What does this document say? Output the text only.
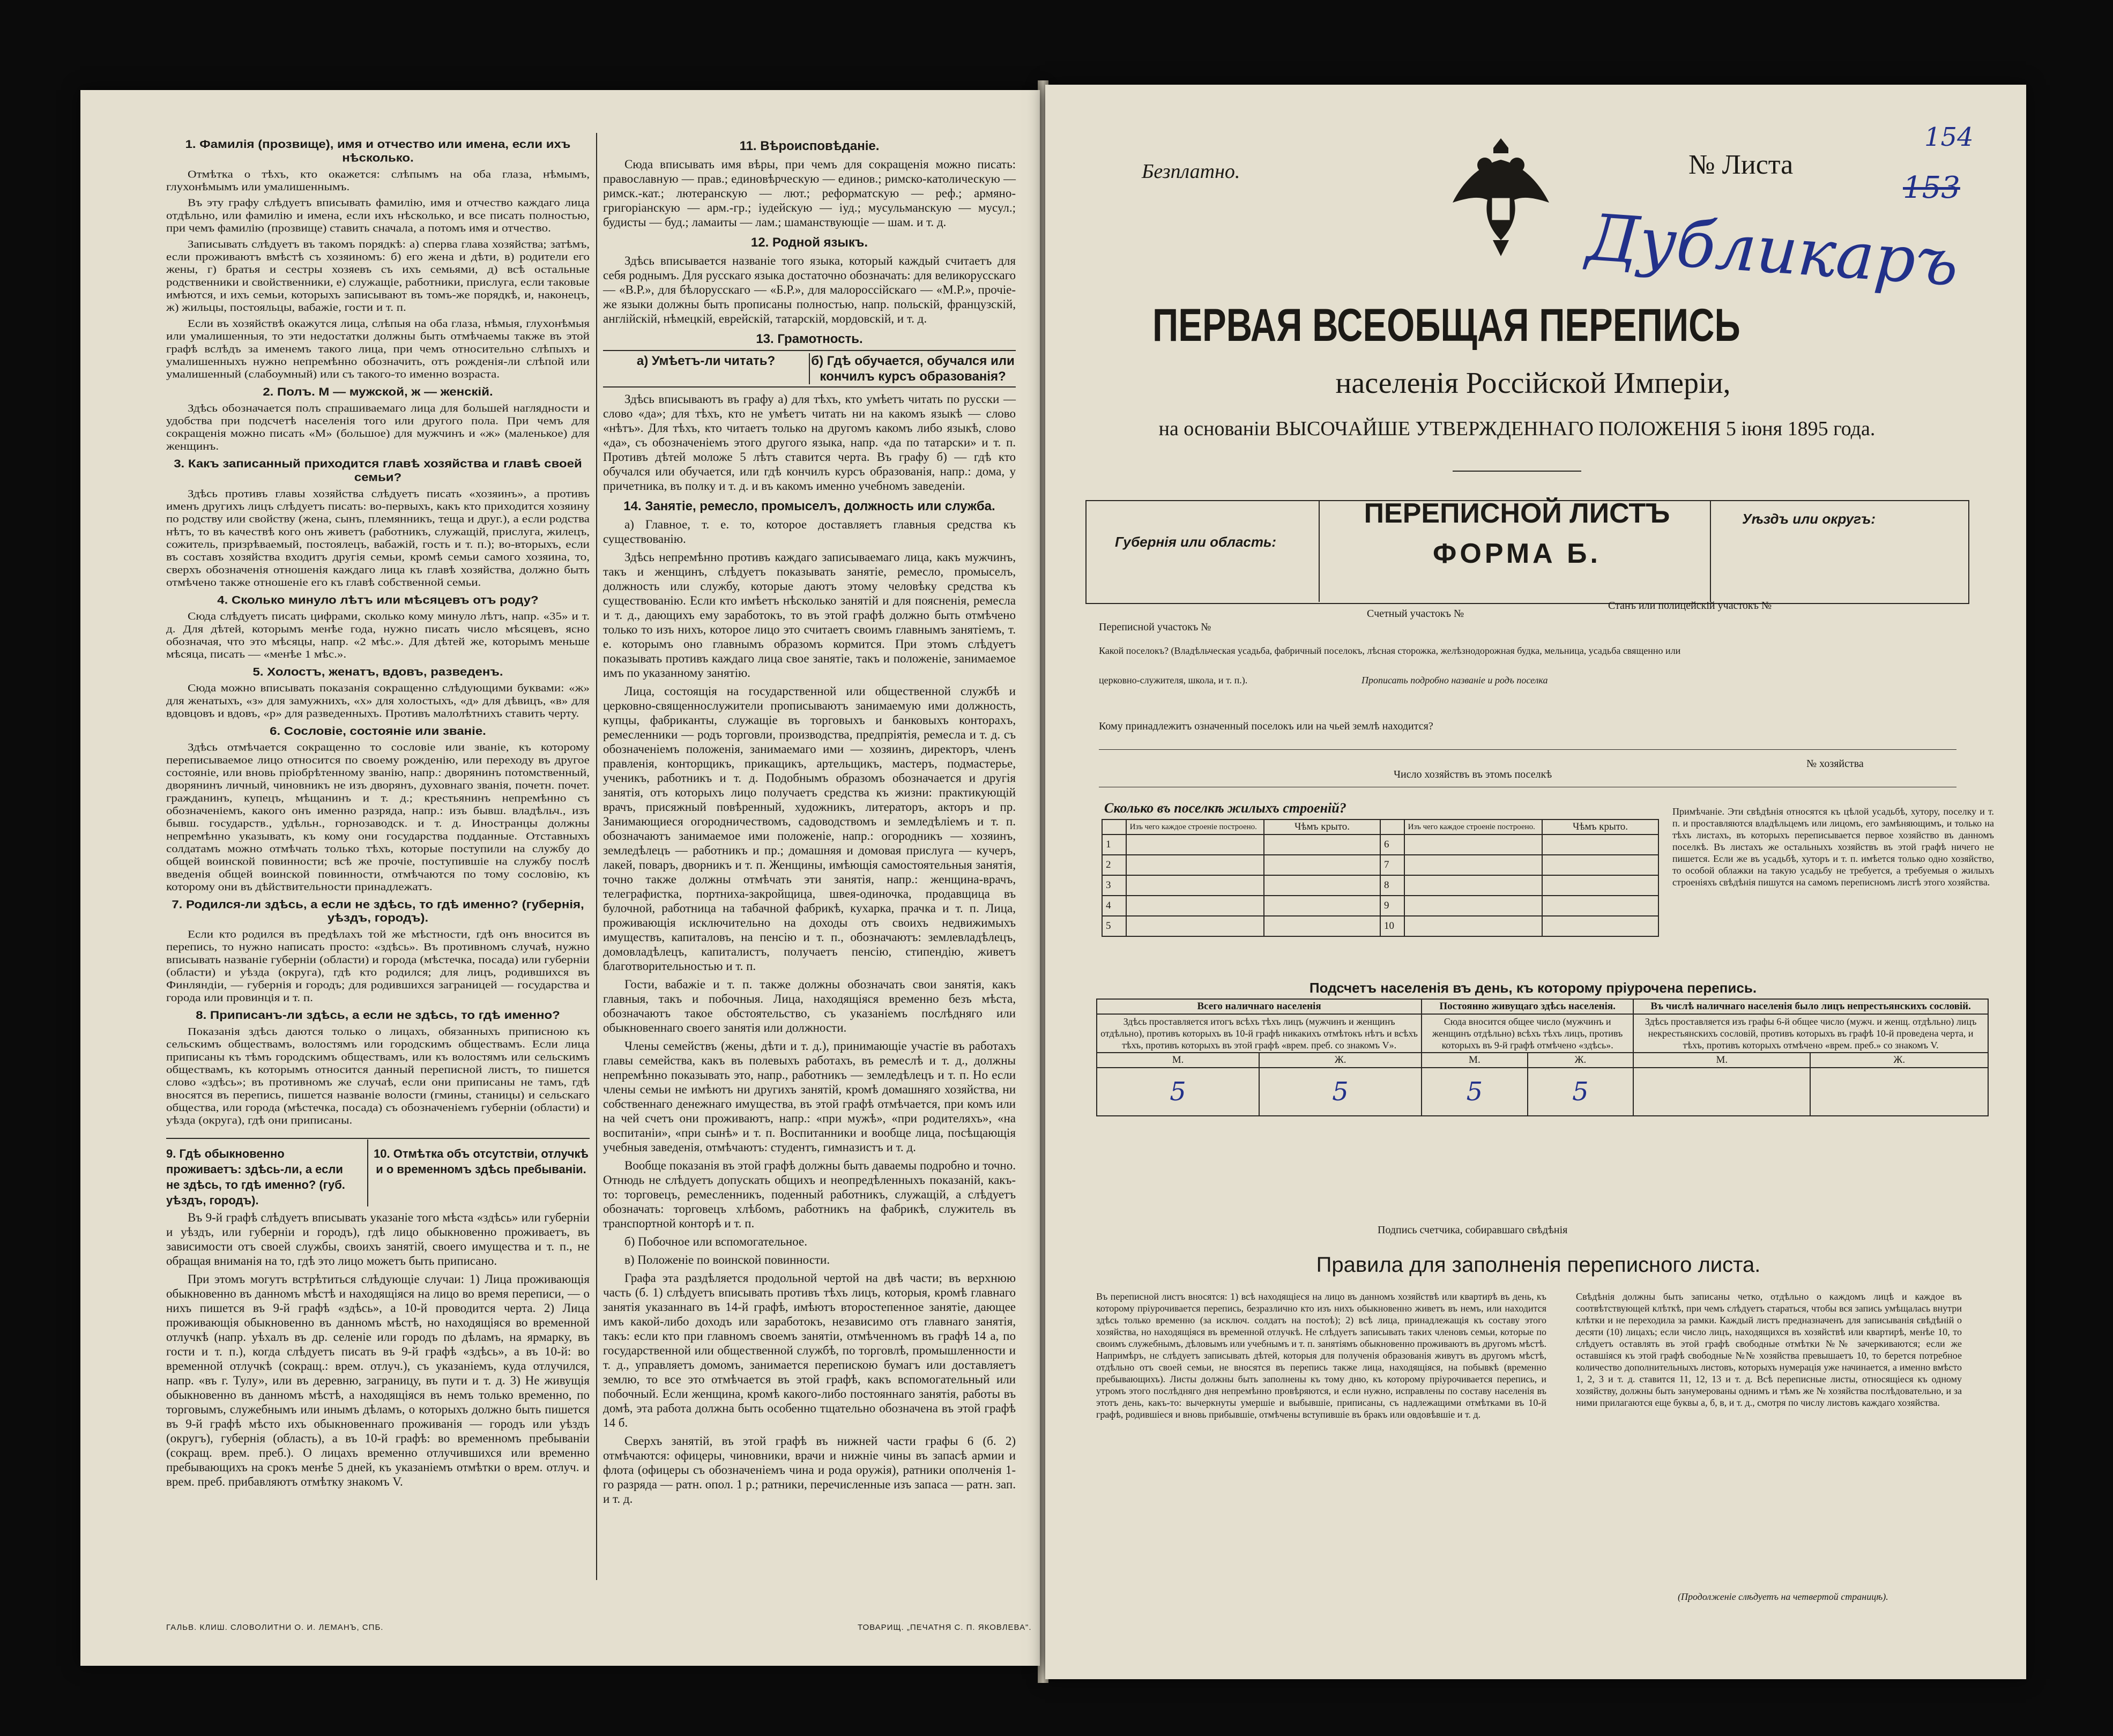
1. Фамилія (прозвище), имя и отчество или имена, если ихъ нѣсколько.

Отмѣтка о тѣхъ, кто окажется: слѣпымъ на оба глаза, нѣмымъ, глухонѣмымъ или умалишеннымъ.

Въ эту графу слѣдуетъ вписывать фамилію, имя и отчество каждаго лица отдѣльно, или фамилію и имена, если ихъ нѣсколько, и все писать полностью, при чемъ фамилію (прозвище) ставить сначала, а потомъ имя и отчество.

Записывать слѣдуетъ въ такомъ порядкѣ: а) сперва глава хозяйства; затѣмъ, если проживаютъ вмѣстѣ съ хозяиномъ: б) его жена и дѣти, в) родители его жены, г) братья и сестры хозяевъ съ ихъ семьями, д) всѣ остальные родственники и свойственники, е) служащіе, работники, прислуга, если таковые имѣются, и ихъ семьи, которыхъ записывают въ томъ-же порядкѣ, и, наконецъ, ж) жильцы, постояльцы, вабажіе, гости и т. п.

Если въ хозяйствѣ окажутся лица, слѣпыя на оба глаза, нѣмыя, глухонѣмыя или умалишенныя, то эти недостатки должны быть отмѣчаемы также въ этой графѣ вслѣдъ за именемъ такого лица, при чемъ относительно слѣпыхъ и умалишенныхъ нужно непремѣнно обозначить, отъ рожденія-ли слѣпой или умалишенный (слабоумный) или съ такого-то именно возраста.

2. Полъ. М — мужской, ж — женскій.

Здѣсь обозначается полъ спрашиваемаго лица для большей наглядности и удобства при подсчетѣ населенія того или другого пола. При чемъ для сокращенія можно писать «М» (большое) для мужчинъ и «ж» (маленькое) для женщинъ.

3. Какъ записанный приходится главѣ хозяйства и главѣ своей семьи?

Здѣсь противъ главы хозяйства слѣдуетъ писать «хозяинъ», а противъ именъ другихъ лицъ слѣдуетъ писать: во-первыхъ, какъ кто приходится хозяину по родству или свойству (жена, сынъ, племянникъ, теща и друг.), а если родства нѣтъ, то въ качествѣ кого онъ живетъ (работникъ, служащій, прислуга, жилецъ, сожитель, призрѣваемый, постоялецъ, вабажій, гость и т. п.); во-вторыхъ, если въ составъ хозяйства входитъ другія семьи, кромѣ семьи самого хозяина, то, сверхъ обозначенія отношенія каждаго лица къ главѣ хозяйства, должно быть отмѣчено также отношеніе его къ главѣ собственной семьи.

4. Сколько минуло лѣтъ или мѣсяцевъ отъ роду?

Сюда слѣдуетъ писать цифрами, сколько кому минуло лѣтъ, напр. «35» и т. д. Для дѣтей, которымъ менѣе года, нужно писать число мѣсяцевъ, ясно обозначая, что это мѣсяцы, напр. «2 мѣс.». Для дѣтей же, которымъ меньше мѣсяца, писать — «менѣе 1 мѣс.».

5. Холостъ, женатъ, вдовъ, разведенъ.

Сюда можно вписывать показанія сокращенно слѣдующими буквами: «ж» для женатыхъ, «з» для замужнихъ, «х» для холостыхъ, «д» для дѣвицъ, «в» для вдовцовъ и вдовъ, «р» для разведенныхъ. Противъ малолѣтнихъ ставить черту.

6. Сословіе, состояніе или званіе.

Здѣсь отмѣчается сокращенно то сословіе или званіе, къ которому переписываемое лицо относится по своему рожденію, или переходу въ другое состояніе, или вновь пріобрѣтенному званію, напр.: дворянинъ потомственный, дворянинъ личный, чиновникъ не изъ дворянъ, духовнаго званія, почетн. почет. гражданинъ, купецъ, мѣщанинъ и т. д.; крестьянинъ непремѣнно съ обозначеніемъ, какого онъ именно разряда, напр.: изъ бывш. владѣльч., изъ бывш. государств., удѣльн., горнозаводск. и т. д. Иностранцы должны непремѣнно указывать, къ кому они государства подданные. Отставныхъ солдатамъ можно отмѣчать только тѣхъ, которые поступили на службу до общей воинской повинности; всѣ же прочіе, поступившіе на службу послѣ введенія общей воинской повинности, отмѣчаются по тому сословію, къ которому они въ дѣйствительности принадлежатъ.

7. Родился-ли здѣсь, а если не здѣсь, то гдѣ именно? (губернія, уѣздъ, городъ).

Если кто родился въ предѣлахъ той же мѣстности, гдѣ онъ вносится въ перепись, то нужно написать просто: «здѣсь». Въ противномъ случаѣ, нужно вписывать названіе губерніи (области) и города (мѣстечка, посада) или губерніи (области) и уѣзда (округа), гдѣ кто родился; для лицъ, родившихся въ Финляндіи, — губернія и городъ; для родившихся заграницей — государства и города или провинція и т. п.

8. Приписанъ-ли здѣсь, а если не здѣсь, то гдѣ именно?

Показанія здѣсь даются только о лицахъ, обязанныхъ приписною къ сельскимъ обществамъ, волостямъ или городскимъ обществамъ. Если лица приписаны къ тѣмъ городскимъ обществамъ, или къ волостямъ или сельскимъ обществамъ, къ которымъ относится данный переписной листъ, то пишется слово «здѣсь»; въ противномъ же случаѣ, если они приписаны не тамъ, гдѣ вносятся въ перепись, пишется названіе волости (гмины, станицы) и сельскаго общества, или города (мѣстечка, посада) съ обозначеніемъ губерніи (области) и уѣзда (округа), гдѣ они приписаны.

9. Гдѣ обыкновенно проживаетъ: здѣсь-ли, а если не здѣсь, то гдѣ именно? (губ. уѣздъ, городъ).
10. Отмѣтка объ отсутствіи, отлучкѣ и о временномъ здѣсь пребываніи.

Въ 9-й графѣ слѣдуетъ вписывать указаніе того мѣста «здѣсь» или губерніи и уѣздъ, или губерніи и городъ), гдѣ лицо обыкновенно проживаетъ, въ зависимости отъ своей службы, своихъ занятій, своего имущества и т. п., не обращая вниманія на то, гдѣ это лицо можетъ быть приписано.

При этомъ могутъ встрѣтиться слѣдующіе случаи: 1) Лица проживающія обыкновенно въ данномъ мѣстѣ и находящіяся на лицо во время переписи, — о нихъ пишется въ 9-й графѣ «здѣсь», а 10-й проводится черта. 2) Лица проживающія обыкновенно въ данномъ мѣстѣ, но находящіяся во временной отлучкѣ (напр. уѣхалъ въ др. селеніе или городъ по дѣламъ, на ярмарку, въ гости и т. п.), когда слѣдуетъ писать въ 9-й графѣ «здѣсь», а въ 10-й: во временной отлучкѣ (сокращ.: врем. отлуч.), съ указаніемъ, куда отлучился, напр. «въ г. Тулу», или въ деревню, заграницу, въ пути и т. д. 3) Не живущія обыкновенно въ данномъ мѣстѣ, а находящіяся въ немъ только временно, по торговымъ, служебнымъ или инымъ дѣламъ, о которыхъ должно быть пишется въ 9-й графѣ мѣсто ихъ обыкновеннаго проживанія — городъ или уѣздъ (округъ), губернія (область), а въ 10-й графѣ: во временномъ пребываніи (сокращ. врем. преб.). О лицахъ временно отлучившихся или временно пребывающихъ на срокъ менѣе 5 дней, къ указаніемъ отмѣтки о врем. отлуч. и врем. преб. прибавляютъ отмѣтку знакомъ V.

11. Вѣроисповѣданіе.

Сюда вписывать имя вѣры, при чемъ для сокращенія можно писать: православную — прав.; единовѣрческую — единов.; римско-католическую — римск.-кат.; лютеранскую — лют.; реформатскую — реф.; армяно-григоріанскую — арм.-гр.; іудейскую — іуд.; мусульманскую — мусул.; будисты — буд.; ламаиты — лам.; шаманствующіе — шам. и т. д.

12. Родной языкъ.

Здѣсь вписывается названіе того языка, который каждый считаетъ для себя роднымъ. Для русскаго языка достаточно обозначать: для великорусскаго — «В.Р.», для бѣлорусскаго — «Б.Р.», для малороссійскаго — «М.Р.», прочіе-же языки должны быть прописаны полностью, напр. польскій, французскій, англійскій, нѣмецкій, еврейскій, татарскій, мордовскій, и т. д.

13. Грамотность.
а) Умѣетъ-ли читать?	б) Гдѣ обучается, обучался или кончилъ курсъ образованія?

Здѣсь вписываютъ въ графу а) для тѣхъ, кто умѣетъ читать по русски — слово «да»; для тѣхъ, кто не умѣетъ читать ни на какомъ языкѣ — слово «нѣтъ». Для тѣхъ, кто читаетъ только на другомъ какомъ либо языкѣ, слово «да», съ обозначеніемъ этого другого языка, напр. «да по татарски» и т. п. Противъ дѣтей моложе 5 лѣтъ ставится черта. Въ графу б) — гдѣ кто обучался или обучается, или гдѣ кончилъ курсъ образованія, напр.: дома, у причетника, въ полку и т. д. и въ какомъ именно учебномъ заведеніи.

14. Занятіе, ремесло, промыселъ, должность или служба.

а) Главное, т. е. то, которое доставляетъ главныя средства къ существованію.

Здѣсь непремѣнно противъ каждаго записываемаго лица, какъ мужчинъ, такъ и женщинъ, слѣдуетъ показывать занятіе, ремесло, промыселъ, должность или службу, которые даютъ этому человѣку средства къ существованію. Если кто имѣетъ нѣсколько занятій и для поясненія, ремесла и т. д., дающихъ ему заработокъ, то въ этой графѣ должно быть отмѣчено только то изъ нихъ, которое лицо это считаетъ своимъ главнымъ занятіемъ, т. е. которымъ оно главнымъ образомъ кормится. При этомъ слѣдуетъ показывать противъ каждаго лица свое занятіе, такъ и положеніе, занимаемое имъ по указанному занятію.

Лица, состоящія на государственной или общественной службѣ и церковно-священнослужители прописываютъ занимаемую ими должность, купцы, фабриканты, служащіе въ торговыхъ и банковыхъ контораxъ, ремесленники — родъ торговли, производства, предпріятія, ремесла и т. д. съ обозначеніемъ положенія, занимаемаго ими — хозяинъ, директоръ, членъ правленія, конторщикъ, прикащикъ, артельщикъ, мастеръ, подмастерье, ученикъ, работникъ и т. д. Подобнымъ образомъ обозначается и другія занятія, отъ которыхъ лицо получаетъ средства къ жизни: практикующій врачъ, присяжный повѣренный, художникъ, литераторъ, акторъ и пр. Занимающиеся огородничествомъ, садоводствомъ и земледѣліемъ и т. п. обозначаютъ занимаемое ими положеніе, напр.: огородникъ — хозяинъ, земледѣлецъ — работникъ и пр.; домашняя и домовая прислуга — кучеръ, лакей, поваръ, дворникъ и т. п. Женщины, имѣющія самостоятельныя занятія, точно также должны отмѣчать эти занятія, напр.: женщина-врачъ, телеграфистка, портниха-закройщица, швея-одиночка, продавщица въ булочной, работница на табачной фабрикѣ, кухарка, прачка и т. п. Лица, проживающія исключительно на доходы отъ своихъ недвижимыхъ имуществъ, капиталовъ, на пенсію и т. п., обозначаютъ: землевладѣлецъ, домовладѣлецъ, капиталистъ, получаетъ пенсію, стипендію, живетъ благотворительностью и т. п.

Гости, вабажіе и т. п. также должны обозначать свои занятія, какъ главныя, такъ и побочныя. Лица, находящіяся временно безъ мѣста, обозначаютъ такое обстоятельство, съ указаніемъ послѣдняго или обыкновеннаго своего занятія или должности.

Члены семействъ (жены, дѣти и т. д.), принимающіе участіе въ работахъ главы семейства, какъ въ полевыхъ работахъ, въ ремеслѣ и т. д., должны непремѣнно показывать это, напр., работникъ — земледѣлецъ и т. п. Но если члены семьи не имѣютъ ни другихъ занятій, кромѣ домашняго хозяйства, ни собственнаго денежнаго имущества, въ этой графѣ отмѣчается, при комъ или на чей счетъ они проживаютъ, напр.: «при мужѣ», «при родителяхъ», «на воспитаніи», «при сынѣ» и т. п. Воспитанники и вообще лица, посѣщающія учебныя заведенія, отмѣчаютъ: студентъ, гимназистъ и т. д.

Вообще показанія въ этой графѣ должны быть даваемы подробно и точно. Отнюдь не слѣдуетъ допускать общихъ и неопредѣленныхъ показаній, какъ-то: торговецъ, ремесленникъ, поденный работникъ, служащій, а слѣдуетъ обозначать: торговецъ хлѣбомъ, работникъ на фабрикѣ, служитель въ транспортной конторѣ и т. п.

б) Побочное или вспомогательное.

в) Положеніе по воинской повинности.

Графа эта раздѣляется продольной чертой на двѣ части; въ верхнюю часть (б. 1) слѣдуетъ вписывать противъ тѣхъ лицъ, которыя, кромѣ главнаго занятія указаннаго въ 14-й графѣ, имѣютъ второстепенное занятіе, дающее имъ какой-либо доходъ или заработокъ, независимо отъ главнаго занятія, такъ: если кто при главномъ своемъ занятіи, отмѣченномъ въ графѣ 14 а, по государственной или общественной службѣ, по торговлѣ, промышленности и т. д., управляетъ домомъ, занимается перепискою бумагъ или доставляетъ землю, то все это отмѣчается въ этой графѣ, какъ вспомогательный или побочный. Если женщина, кромѣ какого-либо постояннаго занятія, работы въ домѣ, эта работа должна быть особенно тщательно обозначена въ этой графѣ 14 б.

Сверхъ занятій, въ этой графѣ въ нижней части графы 6 (б. 2) отмѣчаются: офицеры, чиновники, врачи и нижніе чины въ запасѣ армии и флота (офицеры съ обозначеніемъ чина и рода оружія), ратники ополченія 1-го разряда — ратн. опол. 1 р.; ратники, перечисленные изъ запаса — ратн. зап. и т. д.

ГАЛЬВ. КЛИШ. СЛОВОЛИТНИ О. И. ЛЕМАНЪ, СПБ.	ТОВАРИЩ. „ПЕЧАТНЯ С. П. ЯКОВЛЕВА".
Безплатно.	№ Листа
154
153
Дубликаръ
ПЕРВАЯ ВСЕОБЩАЯ ПЕРЕПИСЬ
населенія Россійской Имперіи,
на основаніи ВЫСОЧАЙШЕ УТВЕРЖДЕННАГО ПОЛОЖЕНІЯ 5 іюня 1895 года.
Губернія или область:
ПЕРЕПИСНОЙ ЛИСТЪ
ФОРМА Б.
Уѣздъ или округъ:
Переписной участокъ №
Счетный участокъ №
Станъ или полицейскій участокъ №
Какой поселокъ? (Владѣльческая усадьба, фабричный поселокъ, лѣсная сторожка, желѣзнодорожная будка, мельница, усадьба священно или
церковно-служителя, школа, и т. п.).	Прописать подробно названіе и родъ поселка
Кому принадлежитъ означенный поселокъ или на чьей землѣ находится?
Число хозяйствъ въ этомъ поселкѣ
№ хозяйства
Сколько въ поселкѣ жилыхъ строеній?
	Изъ чего каждое строеніе построено.	Чѣмъ крыто.		Изъ чего каждое строеніе построено.	Чѣмъ крыто.
1			6		
2			7		
3			8		
4			9		
5			10		
Примѣчаніе. Эти свѣдѣнія относятся къ цѣлой усадьбѣ, хутору, поселку и т. п. и проставляются владѣльцемъ или лицомъ, его замѣняющимъ, и только на тѣхъ листахъ, въ которыхъ переписывается первое хозяйство въ данномъ поселкѣ. Въ листахъ же остальныхъ хозяйствъ въ этой графѣ ничего не пишется. Если же въ усадьбѣ, хуторъ и т. п. имѣется только одно хозяйство, то особой облажки на такую усадьбу не требуется, а требуемыя о жилыхъ строеніяхъ свѣдѣнія пишутся на самомъ переписномъ листѣ этого хозяйства.
Подсчетъ населенія въ день, къ которому пріурочена перепись.
Всего наличнаго населенія		Постоянно живущаго здѣсь населенія.		Въ числѣ наличнаго населенія было лицъ непрестьянскихъ сословій.	
Здѣсь проставляется итогъ всѣхъ тѣхъ лицъ (мужчинъ и женщинъ отдѣльно), противъ которыхъ въ 10-й графѣ никакихъ отмѣтокъ нѣтъ и всѣхъ тѣхъ, противъ которыхъ въ этой графѣ «врем. преб. со знакомъ V».		Сюда вносится общее число (мужчинъ и женщинъ отдѣльно) всѣхъ тѣхъ лицъ, противъ которыхъ въ 9-й графѣ отмѣчено «здѣсь».		Здѣсь проставляется изъ графы 6-й общее число (мужч. и женщ. отдѣльно) лицъ некрестьянскихъ сословій, противъ которыхъ въ графѣ 10-й проведена черта, и тѣхъ, противъ которыхъ отмѣчено «врем. преб.» со знакомъ V.	
М.	Ж.	М.	Ж.	М.	Ж.
5	5	5	5		
Подпись счетчика, собиравшаго свѣдѣнія
Правила для заполненія переписного листа.
Въ переписной листъ вносятся: 1) всѣ находящіеся на лицо въ данномъ хозяйствѣ или квартирѣ въ день, къ которому пріурочивается перепись, безразлично кто изъ нихъ обыкновенно живетъ въ немъ, или находится здѣсь только временно (за исключ. солдатъ на постоѣ); 2) всѣ лица, принадлежащія къ составу этого хозяйства, но находящіяся въ временной отлучкѣ. Не слѣдуетъ записывать таких членовъ семьи, которые по своимъ служебнымъ, дѣловымъ или учебнымъ и т. п. занятіямъ обыкновенно проживаютъ въ другомъ мѣстѣ. Напримѣръ, не слѣдуетъ записывать дѣтей, которыя для полученія образованія живутъ въ другомъ мѣстѣ, отдѣльно отъ своей семьи, не вносятся въ перепись также лица, находящіяся, на побывкѣ (временно пребывающихъ). Листы должны быть заполнены къ тому дню, къ которому пріурочивается перепись, и утромъ этого послѣдняго дня непремѣнно провѣряются, и если нужно, исправлены по составу населенія въ этотъ день, какъ-то: вычеркнуты умершіе и выбывшіе, приписаны, съ надлежащими отмѣтками въ 10-й графѣ, родившіеся и вновь прибывшіе, отмѣчены вступившіе въ бракъ или овдовѣвшіе и т. д.
Свѣдѣнія должны быть записаны четко, отдѣльно о каждомъ лицѣ и каждое въ соотвѣтствующей клѣткѣ, при чемъ слѣдуетъ стараться, чтобы вся запись умѣщалась внутри клѣтки и не переходила за рамки. Каждый листъ предназначенъ для записыванія свѣдѣній о десяти (10) лицахъ; если число лицъ, находящихся въ хозяйствѣ или квартирѣ, менѣе 10, то слѣдуетъ оставлять въ этой графѣ свободные отмѣтки №№ зачеркиваются; если же оставшіяся къ этой графѣ свободные №№ хозяйства превышаетъ 10, то берется потребное количество дополнительныхъ листовъ, которыхъ нумерація уже начинается, а именно вмѣсто 1, 2, 3 и т. д. ставится 11, 12, 13 и т. д. Всѣ переписные листы, относящіеся къ одному хозяйству, должны быть занумерованы однимъ и тѣмъ же № хозяйства послѣдовательно, и за ними прилагаются еще буквы а, б, в, и т. д., смотря по числу листовъ каждаго хозяйства.
(Продолженіе слѣдуетъ на четвертой страницѣ).
